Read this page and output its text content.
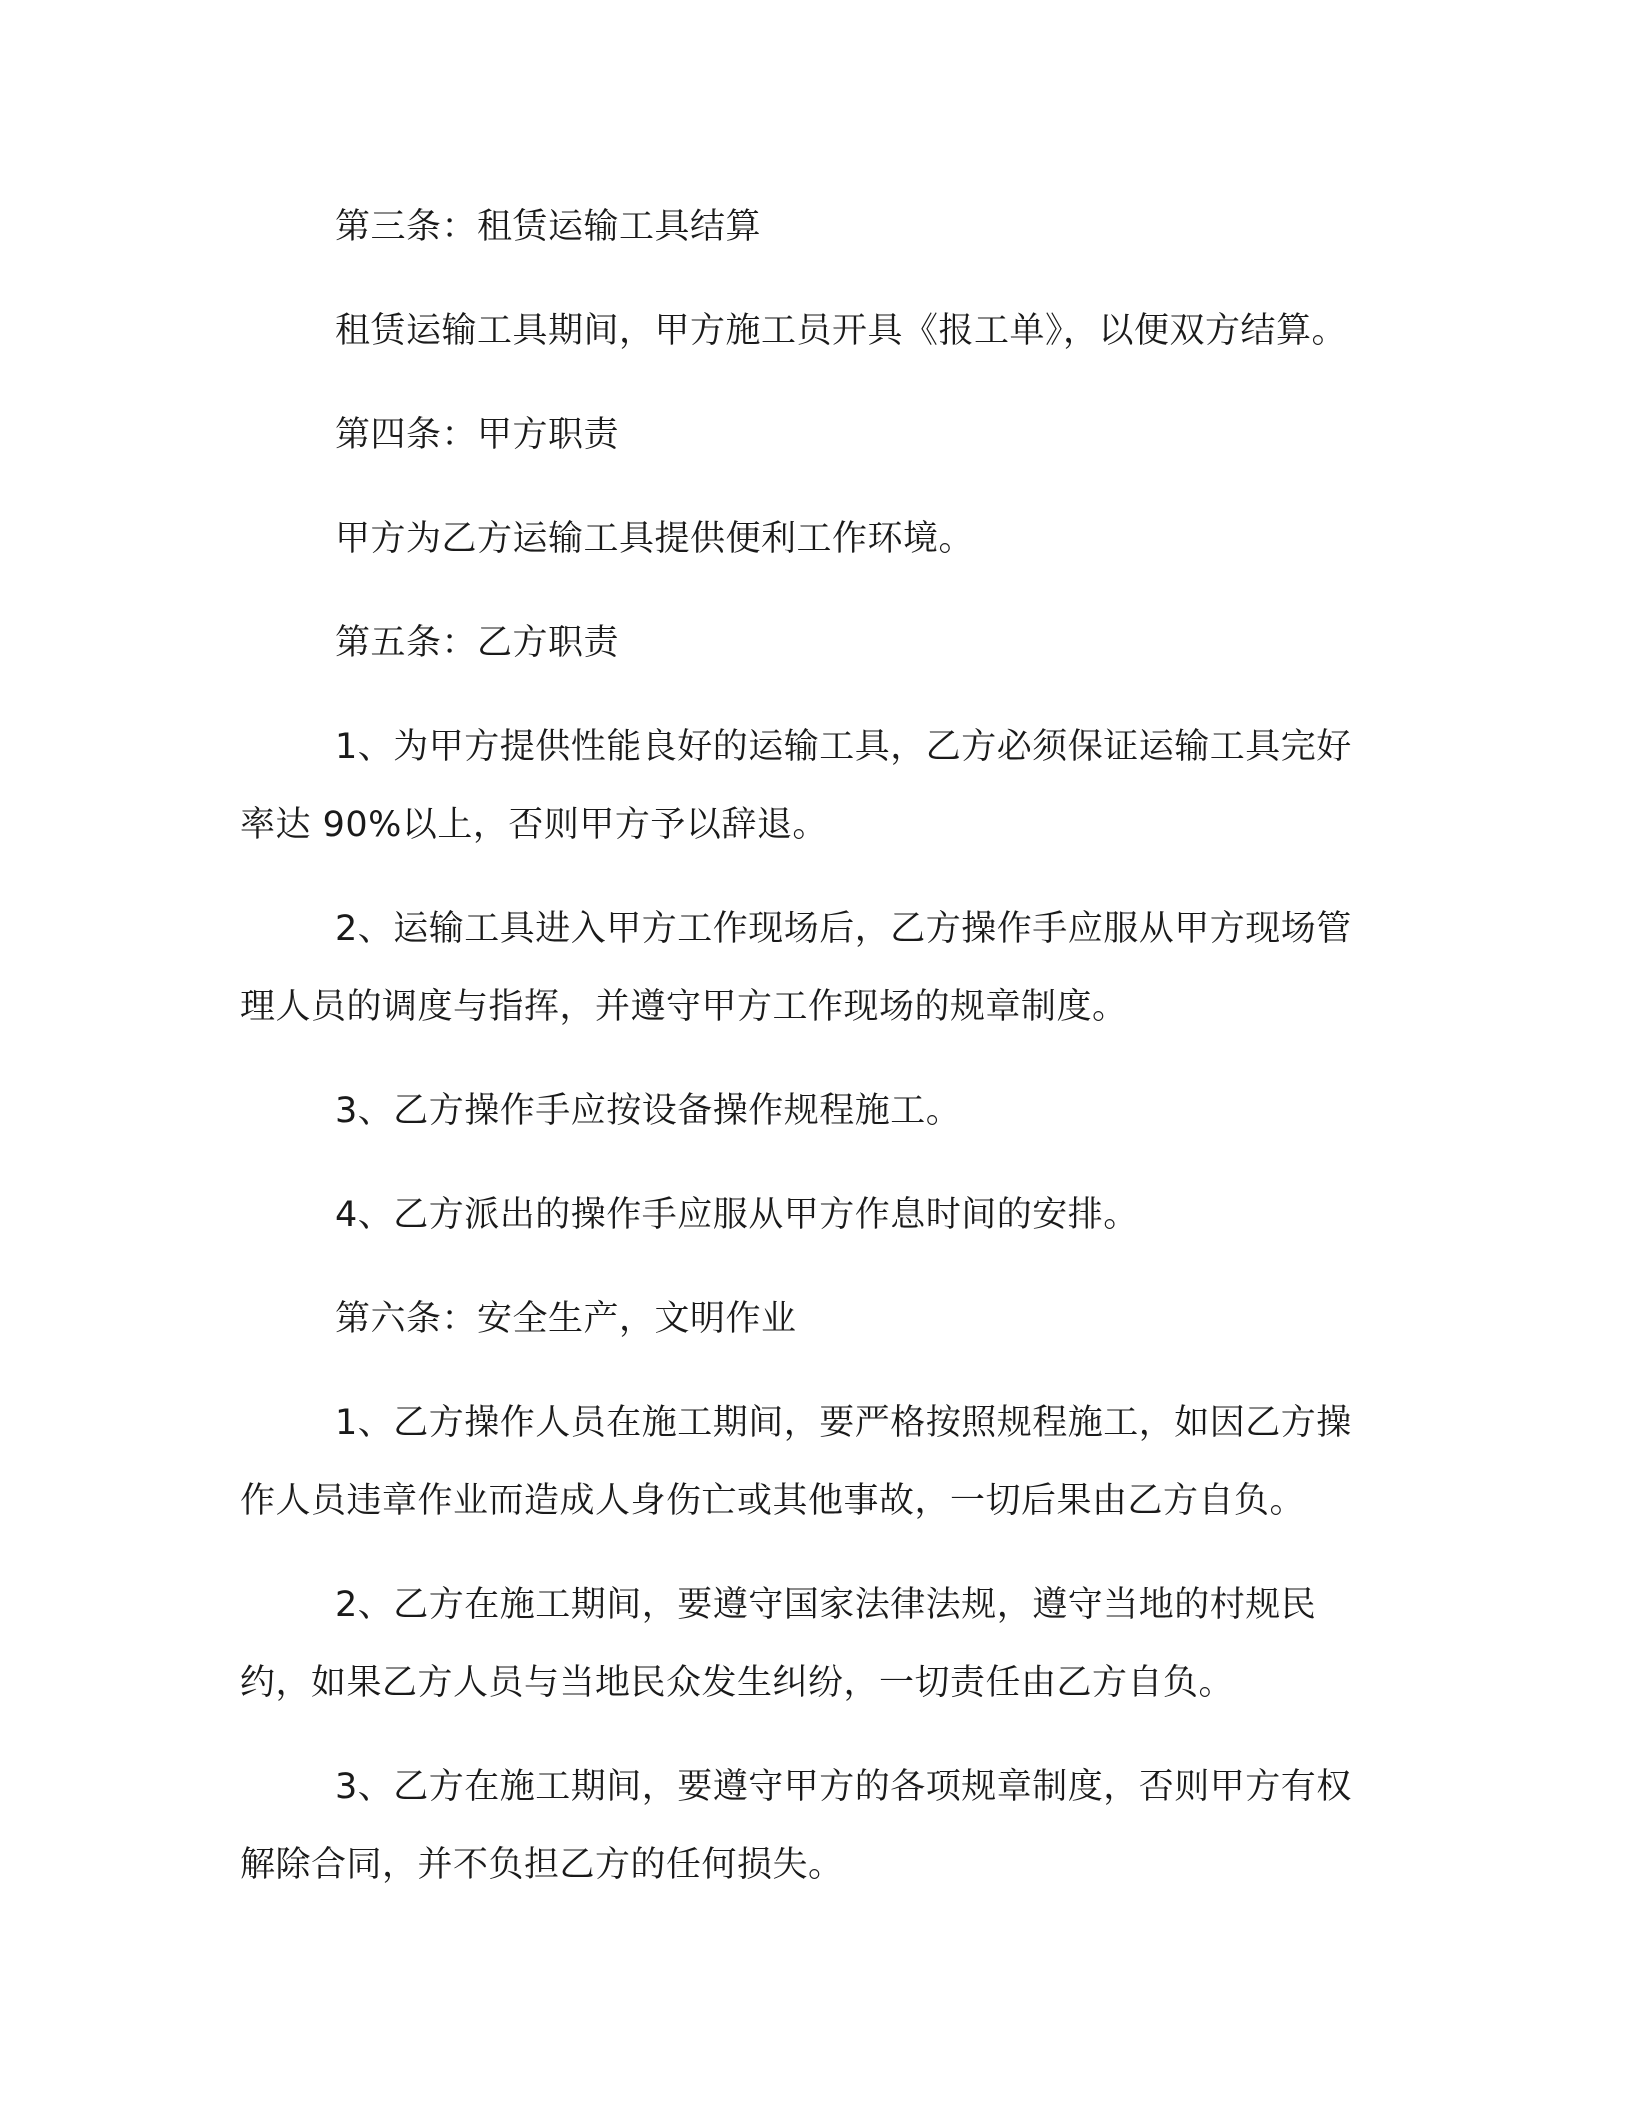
第三条：租赁运输工具结算

租赁运输工具期间，甲方施工员开具《报工单》，以便双方结算。

第四条：甲方职责

甲方为乙方运输工具提供便利工作环境。

第五条：乙方职责

1、为甲方提供性能良好的运输工具，乙方必须保证运输工具完好率达 90%以上，否则甲方予以辞退。

2、运输工具进入甲方工作现场后，乙方操作手应服从甲方现场管理人员的调度与指挥，并遵守甲方工作现场的规章制度。

3、乙方操作手应按设备操作规程施工。

4、乙方派出的操作手应服从甲方作息时间的安排。

第六条：安全生产，文明作业

1、乙方操作人员在施工期间，要严格按照规程施工，如因乙方操作人员违章作业而造成人身伤亡或其他事故，一切后果由乙方自负。

2、乙方在施工期间，要遵守国家法律法规，遵守当地的村规民约，如果乙方人员与当地民众发生纠纷，一切责任由乙方自负。

3、乙方在施工期间，要遵守甲方的各项规章制度，否则甲方有权解除合同，并不负担乙方的任何损失。
